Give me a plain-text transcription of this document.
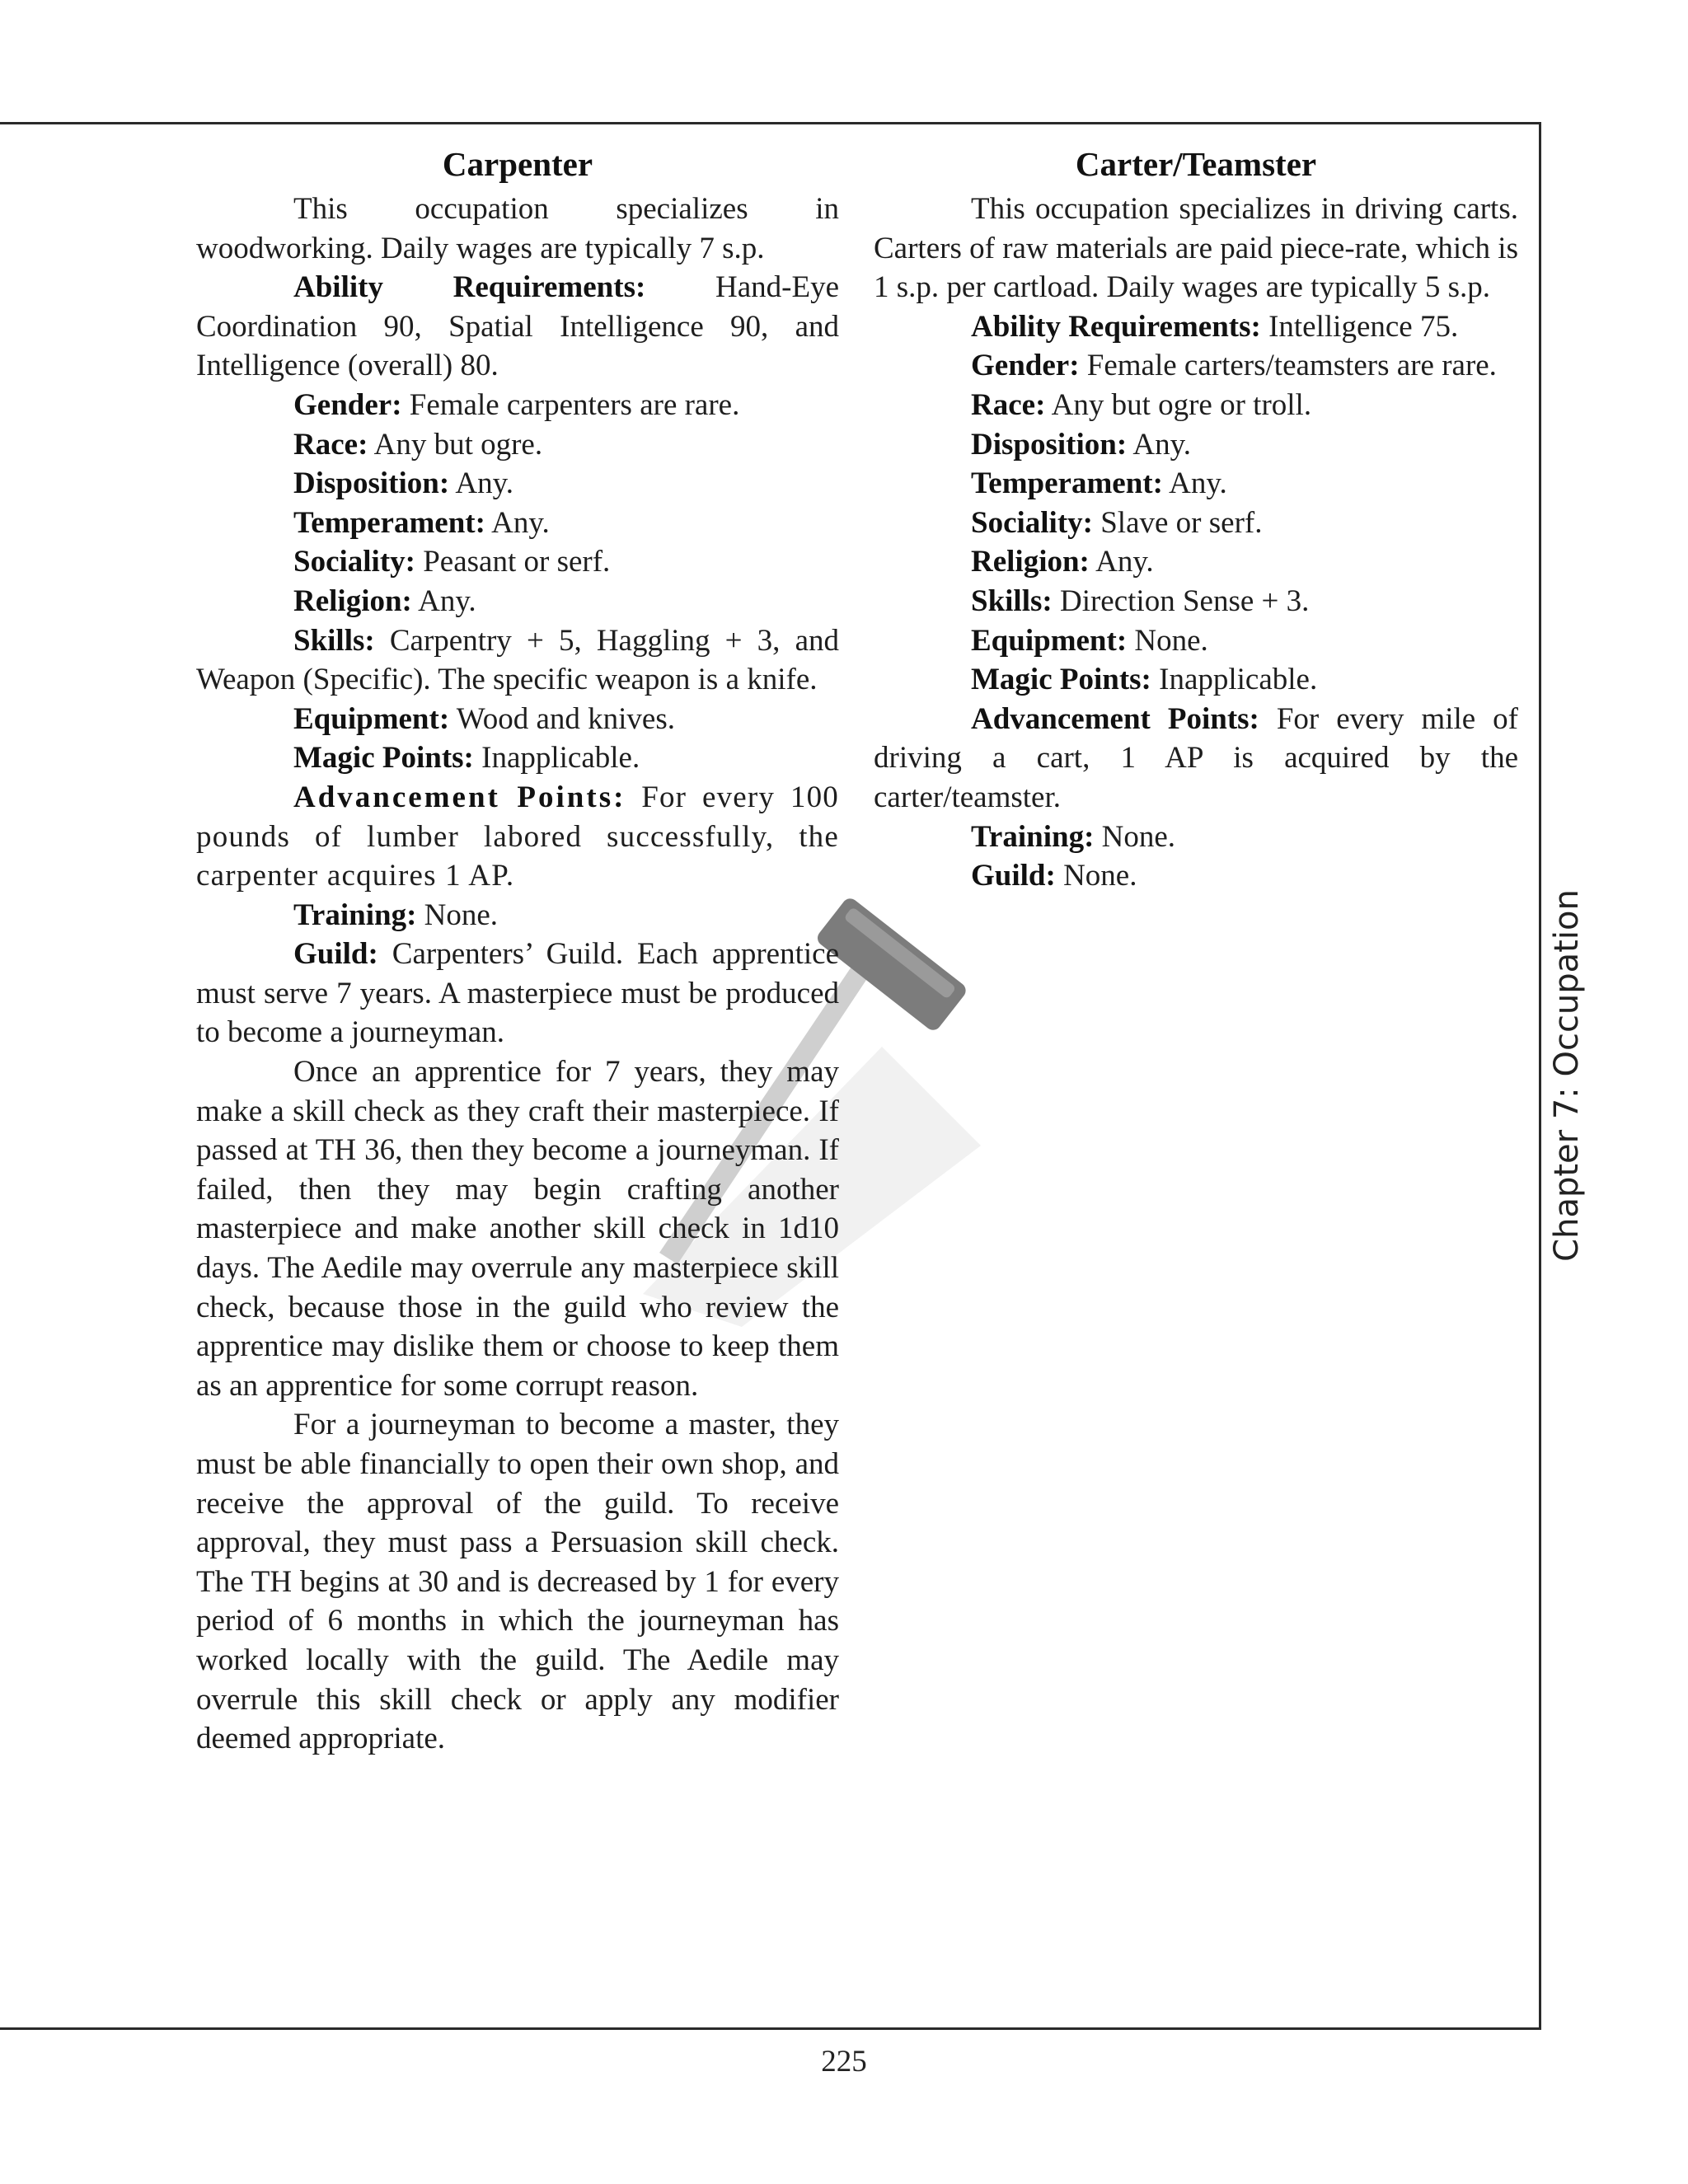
Carpenter

This occupation specializes in woodworking. Daily wages are typically 7 s.p.

Ability Requirements: Hand-Eye Coordination 90, Spatial Intelligence 90, and Intelligence (overall) 80.

Gender: Female carpenters are rare.

Race: Any but ogre.

Disposition: Any.

Temperament: Any.

Sociality: Peasant or serf.

Religion: Any.

Skills: Carpentry + 5, Haggling + 3, and Weapon (Specific). The specific weapon is a knife.

Equipment: Wood and knives.

Magic Points: Inapplicable.

Advancement Points: For every 100 pounds of lumber labored successfully, the carpenter acquires 1 AP.

Training: None.

Guild: Carpenters’ Guild. Each apprentice must serve 7 years. A masterpiece must be produced to become a journeyman.

Once an apprentice for 7 years, they may make a skill check as they craft their masterpiece. If passed at TH 36, then they become a journeyman. If failed, then they may begin crafting another masterpiece and make another skill check in 1d10 days. The Aedile may overrule any masterpiece skill check, because those in the guild who review the apprentice may dislike them or choose to keep them as an apprentice for some corrupt reason.

For a journeyman to become a master, they must be able financially to open their own shop, and receive the approval of the guild. To receive approval, they must pass a Persuasion skill check. The TH begins at 30 and is decreased by 1 for every period of 6 months in which the journeyman has worked locally with the guild. The Aedile may overrule this skill check or apply any modifier deemed appropriate.

Carter/Teamster

This occupation specializes in driving carts. Carters of raw materials are paid piece-rate, which is 1 s.p. per cartload. Daily wages are typically 5 s.p.

Ability Requirements: Intelligence 75.

Gender: Female carters/teamsters are rare.

Race: Any but ogre or troll.

Disposition: Any.

Temperament: Any.

Sociality: Slave or serf.

Religion: Any.

Skills: Direction Sense + 3.

Equipment: None.

Magic Points: Inapplicable.

Advancement Points: For every mile of driving a cart, 1 AP is acquired by the carter/teamster.

Training: None.

Guild: None.

Chapter 7: Occupation
225
